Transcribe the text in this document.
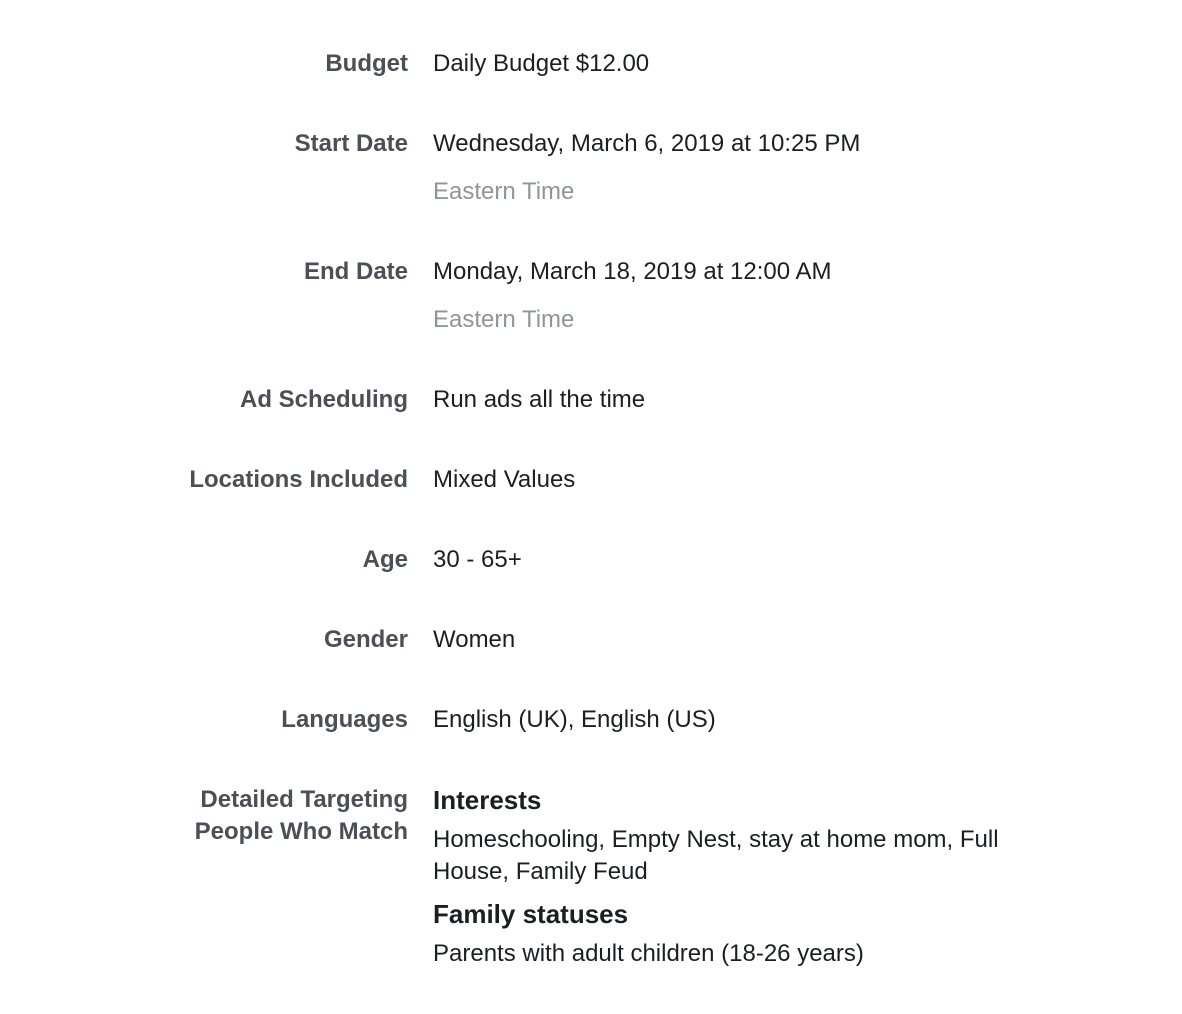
Budget Daily Budget $12.00
Start Date Wednesday, March 6, 2019 at 10:25 PM
Eastern Time
End Date Monday, March 18, 2019 at 12:00 AM
Eastern Time
Ad Scheduling Run ads all the time
Locations Included Mixed Values
Age 30 - 65+
Gender Women
Languages English (UK), English (US)
Detailed Targeting
People Who Match
Interests
Homeschooling, Empty Nest, stay at home mom, Full House, Family Feud
Family statuses
Parents with adult children (18-26 years)
